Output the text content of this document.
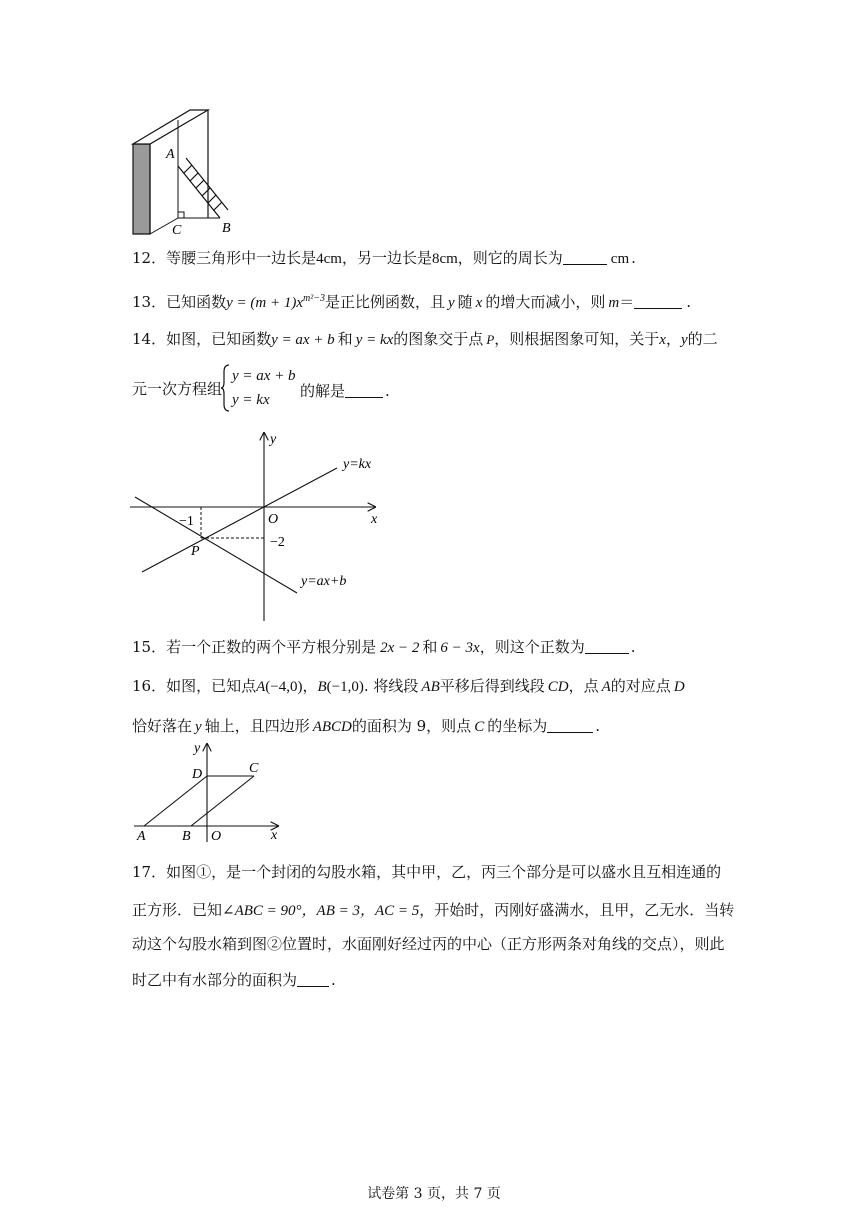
A
C	B
12．等腰三角形中一边长是4cm，另一边长是8cm，则它的周长为	cm .
13．已知函数$y = (m + 1)x^{m^2-3}$是正比例函数，且 y 随 x 的增大而减小，则 m＝	.
14．如图，已知函数y = ax + b 和 y = kx的图象交于点 P，则根据图象可知，关于x，y的二
元一次方程组
y = ax + b
y = kx 的解是	.
y
x
O
y=kx
y=ax+b
P
−1
−2
15．若一个正数的两个平方根分别是 2x − 2 和 6 − 3x，则这个正数为	.
16．如图，已知点A(−4,0)，B(−1,0). 将线段 AB平移后得到线段 CD，点 A的对应点 D
恰好落在 y 轴上，且四边形 ABCD的面积为 9，则点 C 的坐标为	.
y
x
A	B O
D	C
17．如图①，是一个封闭的勾股水箱，其中甲，乙，丙三个部分是可以盛水且互相连通的
正方形．已知∠ABC = 90°，AB = 3，AC = 5，开始时，丙刚好盛满水，且甲，乙无水．当转
动这个勾股水箱到图②位置时，水面刚好经过丙的中心（正方形两条对角线的交点），则此
时乙中有水部分的面积为 .
试卷第 3 页，共 7 页
